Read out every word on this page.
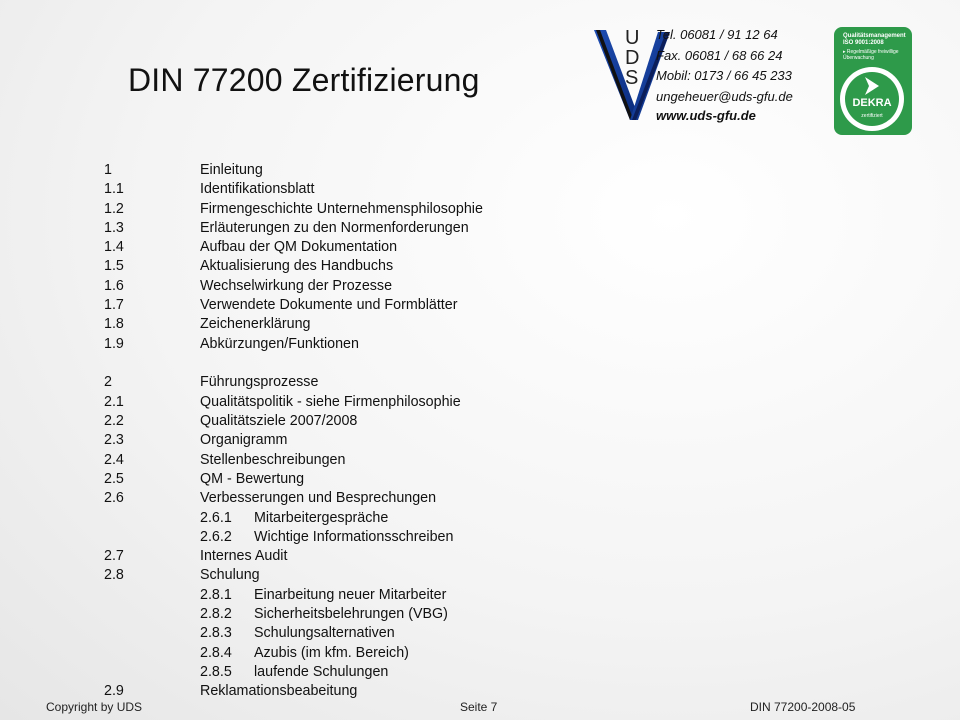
DIN 77200 Zertifizierung
U
D
S
Tel. 06081 / 91 12 64
Fax. 06081 / 68 66 24
Mobil: 0173 / 66 45 233
ungeheuer@uds-gfu.de
www.uds-gfu.de
Qualitätsmanagement ISO 9001:2008
▸ Regelmäßige freiwillige Überwachung
DEKRA
zertifiziert
1	Einleitung
1.1	Identifikationsblatt
1.2	Firmengeschichte Unternehmensphilosophie
1.3	Erläuterungen zu den Normenforderungen
1.4	Aufbau der QM Dokumentation
1.5	Aktualisierung des Handbuchs
1.6	Wechselwirkung der Prozesse
1.7	Verwendete Dokumente und Formblätter
1.8	Zeichenerklärung
1.9	Abkürzungen/Funktionen
2	Führungsprozesse
2.1	Qualitätspolitik - siehe Firmenphilosophie
2.2	Qualitätsziele 2007/2008
2.3	Organigramm
2.4	Stellenbeschreibungen
2.5	QM - Bewertung
2.6	Verbesserungen und Besprechungen
2.6.1 Mitarbeitergespräche
2.6.2 Wichtige Informationsschreiben
2.7	Internes Audit
2.8	Schulung
2.8.1 Einarbeitung neuer Mitarbeiter
2.8.2 Sicherheitsbelehrungen (VBG)
2.8.3 Schulungsalternativen
2.8.4 Azubis (im kfm. Bereich)
2.8.5 laufende Schulungen
2.9	Reklamationsbeabeitung
Copyright by UDS	Seite 7	DIN 77200-2008-05
